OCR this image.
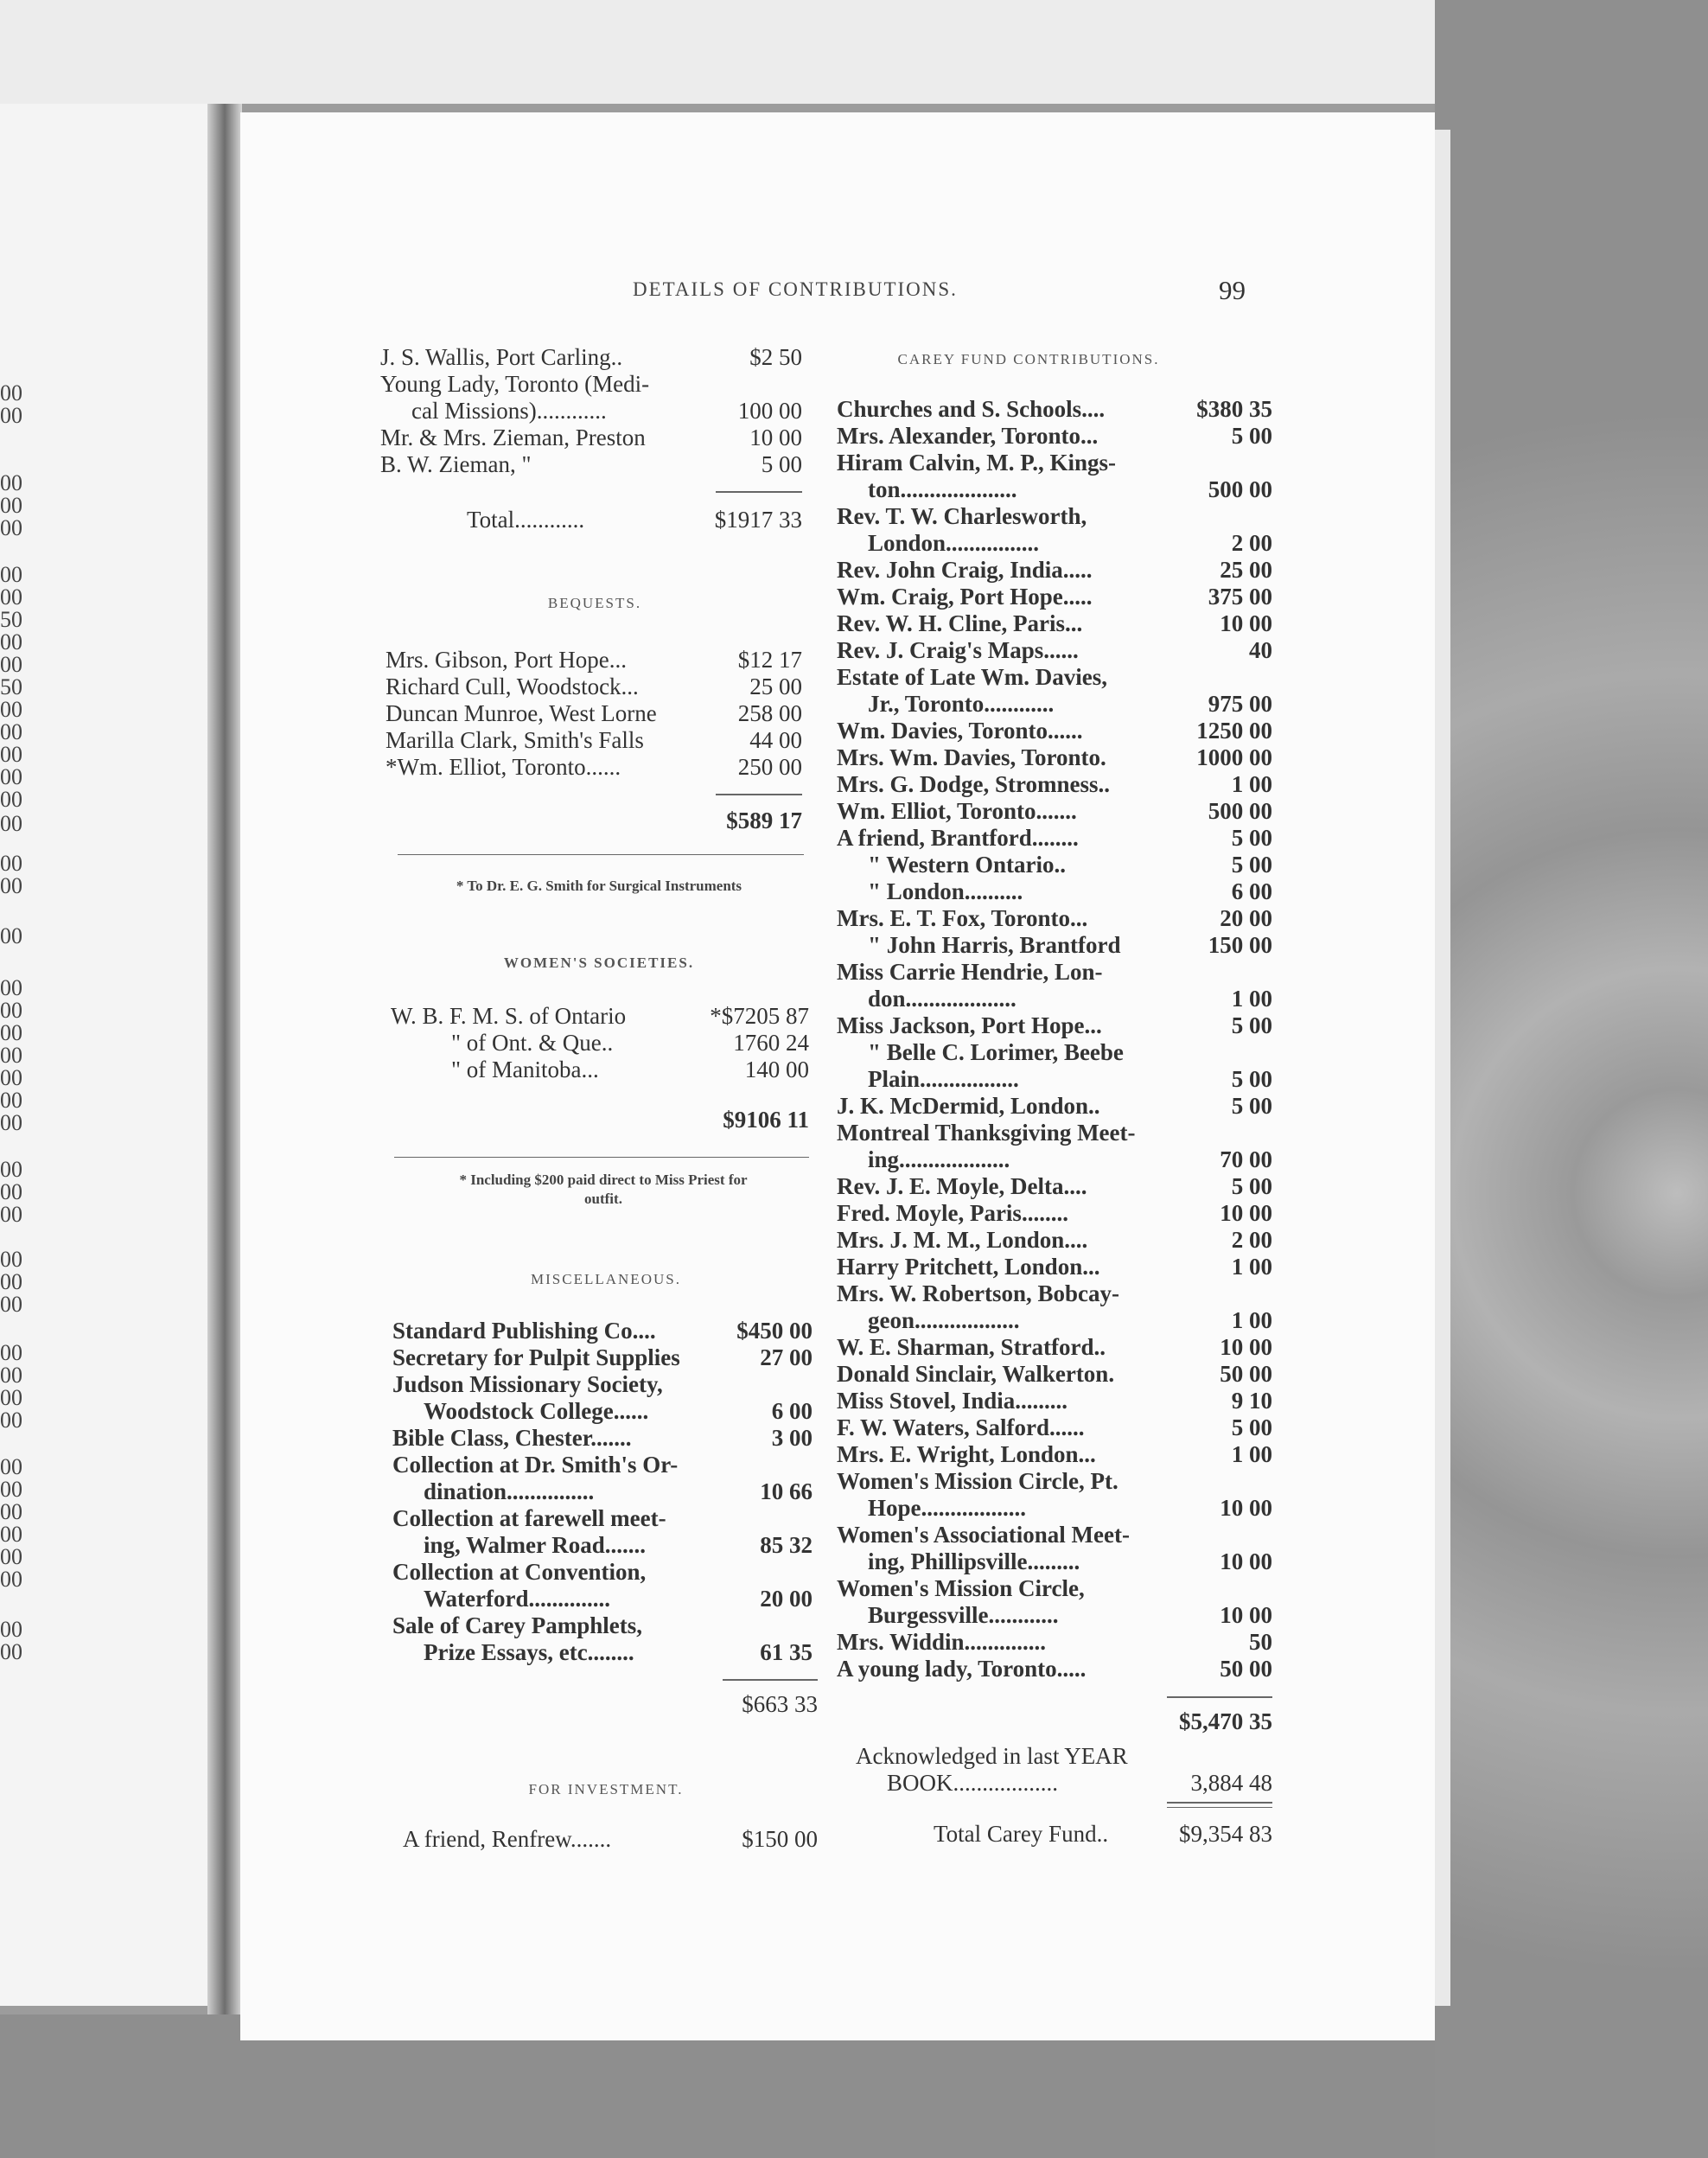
00
00
00
00
00
00
00
50
00
00
50
00
00
00
00
00
00
00
00
00
00
00
00
00
00
00
00
00
00
00
00
00
00
00
00
00
00
00
00
00
00
00
00
00
00
DETAILS OF CONTRIBUTIONS.	99
J. S. Wallis, Port Carling..	$2 50
Young Lady, Toronto (Medi-
cal Missions)............	100 00
Mr. & Mrs. Zieman, Preston	10 00
B. W. Zieman, "	5 00
Total............	$1917 33
BEQUESTS.
Mrs. Gibson, Port Hope...	$12 17
Richard Cull, Woodstock...	25 00
Duncan Munroe, West Lorne	258 00
Marilla Clark, Smith's Falls	44 00
*Wm. Elliot, Toronto......	250 00
$589 17
* To Dr. E. G. Smith for Surgical Instruments
WOMEN'S SOCIETIES.
W. B. F. M. S. of Ontario	*$7205 87
" of Ont. & Que..	1760 24
" of Manitoba...	140 00
$9106 11
* Including $200 paid direct to Miss Priest for
outfit.
MISCELLANEOUS.
Standard Publishing Co....	$450 00
Secretary for Pulpit Supplies	27 00
Judson Missionary Society,
Woodstock College......	6 00
Bible Class, Chester.......	3 00
Collection at Dr. Smith's Or-
dination...............	10 66
Collection at farewell meet-
ing, Walmer Road.......	85 32
Collection at Convention,
Waterford..............	20 00
Sale of Carey Pamphlets,
Prize Essays, etc........	61 35
$663 33
FOR INVESTMENT.
A friend, Renfrew.......	$150 00
CAREY FUND CONTRIBUTIONS.
Churches and S. Schools....	$380 35
Mrs. Alexander, Toronto...	5 00
Hiram Calvin, M. P., Kings-
ton....................	500 00
Rev. T. W. Charlesworth,
London................	2 00
Rev. John Craig, India.....	25 00
Wm. Craig, Port Hope.....	375 00
Rev. W. H. Cline, Paris...	10 00
Rev. J. Craig's Maps......	40
Estate of Late Wm. Davies,
Jr., Toronto............	975 00
Wm. Davies, Toronto......	1250 00
Mrs. Wm. Davies, Toronto.	1000 00
Mrs. G. Dodge, Stromness..	1 00
Wm. Elliot, Toronto.......	500 00
A friend, Brantford........	5 00
" Western Ontario..	5 00
" London..........	6 00
Mrs. E. T. Fox, Toronto...	20 00
" John Harris, Brantford	150 00
Miss Carrie Hendrie, Lon-
don...................	1 00
Miss Jackson, Port Hope...	5 00
" Belle C. Lorimer, Beebe
Plain.................	5 00
J. K. McDermid, London..	5 00
Montreal Thanksgiving Meet-
ing...................	70 00
Rev. J. E. Moyle, Delta....	5 00
Fred. Moyle, Paris........	10 00
Mrs. J. M. M., London....	2 00
Harry Pritchett, London...	1 00
Mrs. W. Robertson, Bobcay-
geon..................	1 00
W. E. Sharman, Stratford..	10 00
Donald Sinclair, Walkerton.	50 00
Miss Stovel, India.........	9 10
F. W. Waters, Salford......	5 00
Mrs. E. Wright, London...	1 00
Women's Mission Circle, Pt.
Hope..................	10 00
Women's Associational Meet-
ing, Phillipsville.........	10 00
Women's Mission Circle,
Burgessville............	10 00
Mrs. Widdin..............	50
A young lady, Toronto.....	50 00
$5,470 35
Acknowledged in last YEAR
BOOK..................	3,884 48
Total Carey Fund..	$9,354 83
